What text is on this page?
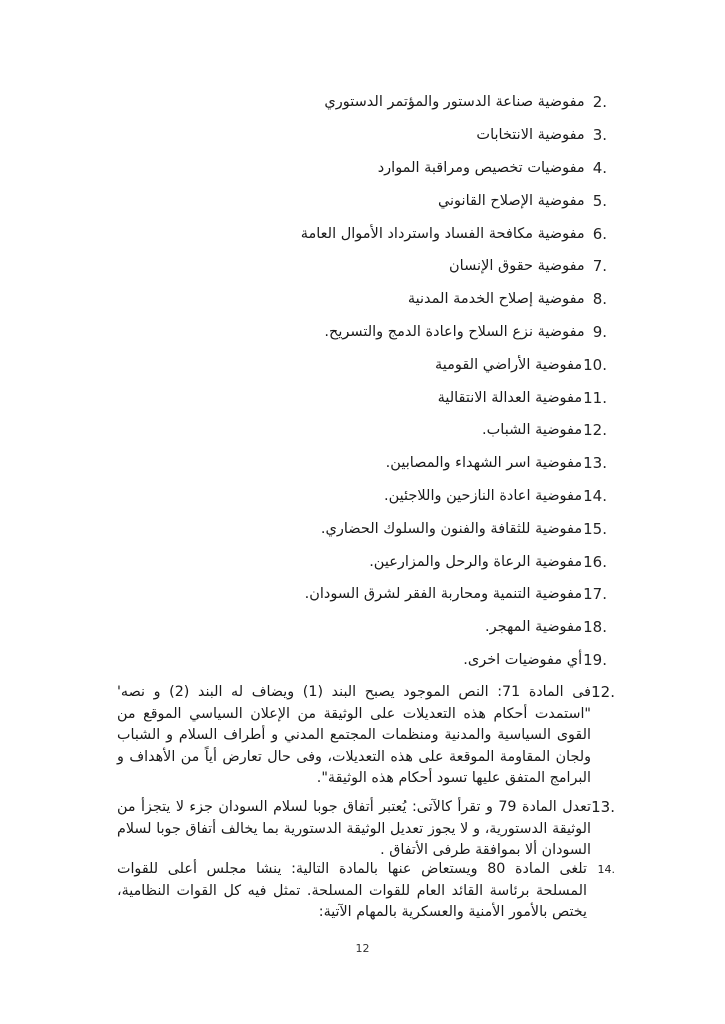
2.
مفوضية صناعة الدستور والمؤتمر الدستوري
3.
مفوضية الانتخابات
4.
مفوضيات تخصيص ومراقبة الموارد
5.
مفوضية الإصلاح القانوني
6.
مفوضية مكافحة الفساد واسترداد الأموال العامة
7.
مفوضية حقوق الإنسان
8.
مفوضية إصلاح الخدمة المدنية
9.
مفوضية نزع السلاح واعادة الدمج والتسريح.
10.
مفوضية الأراضي القومية
11.
مفوضية العدالة الانتقالية
12.
مفوضية الشباب.
13.
مفوضية اسر الشهداء والمصابين.
14.
مفوضية اعادة النازحين واللاجئين.
15.
مفوضية للثقافة والفنون والسلوك الحضاري.
16.
مفوضية الرعاة والرحل والمزارعين.
17.
مفوضية التنمية ومحاربة الفقر لشرق السودان.
18.
مفوضية المهجر.
19.
أي مفوضيات اخرى.
12.
فى المادة 71: النص الموجود يصبح البند (1) ويضاف له البند (2) و نصه' "استمدت أحكام هذه التعديلات على الوثيقة من الإعلان السياسي الموقع من القوى السياسية والمدنية ومنظمات المجتمع المدني و أطراف السلام و الشباب ولجان المقاومة الموقعة على هذه التعديلات، وفى حال تعارض أياً من الأهداف و البرامج المتفق عليها تسود أحكام هذه الوثيقة".
13.
تعدل المادة 79 و تقرأ كالآتى: يُعتبر أتفاق جوبا لسلام السودان جزء لا يتجزأ من الوثيقة الدستورية، و لا يجوز تعديل الوثيقة الدستورية بما يخالف أتفاق جوبا لسلام السودان ألا بموافقة طرفى الأتفاق .
14.
تلغى المادة 80 ويستعاض عنها بالمادة التالية: ينشا مجلس أعلى للقوات المسلحة برئاسة القائد العام للقوات المسلحة. تمثل فيه كل القوات النظامية، يختص بالأمور الأمنية والعسكرية بالمهام الآتية:
12
